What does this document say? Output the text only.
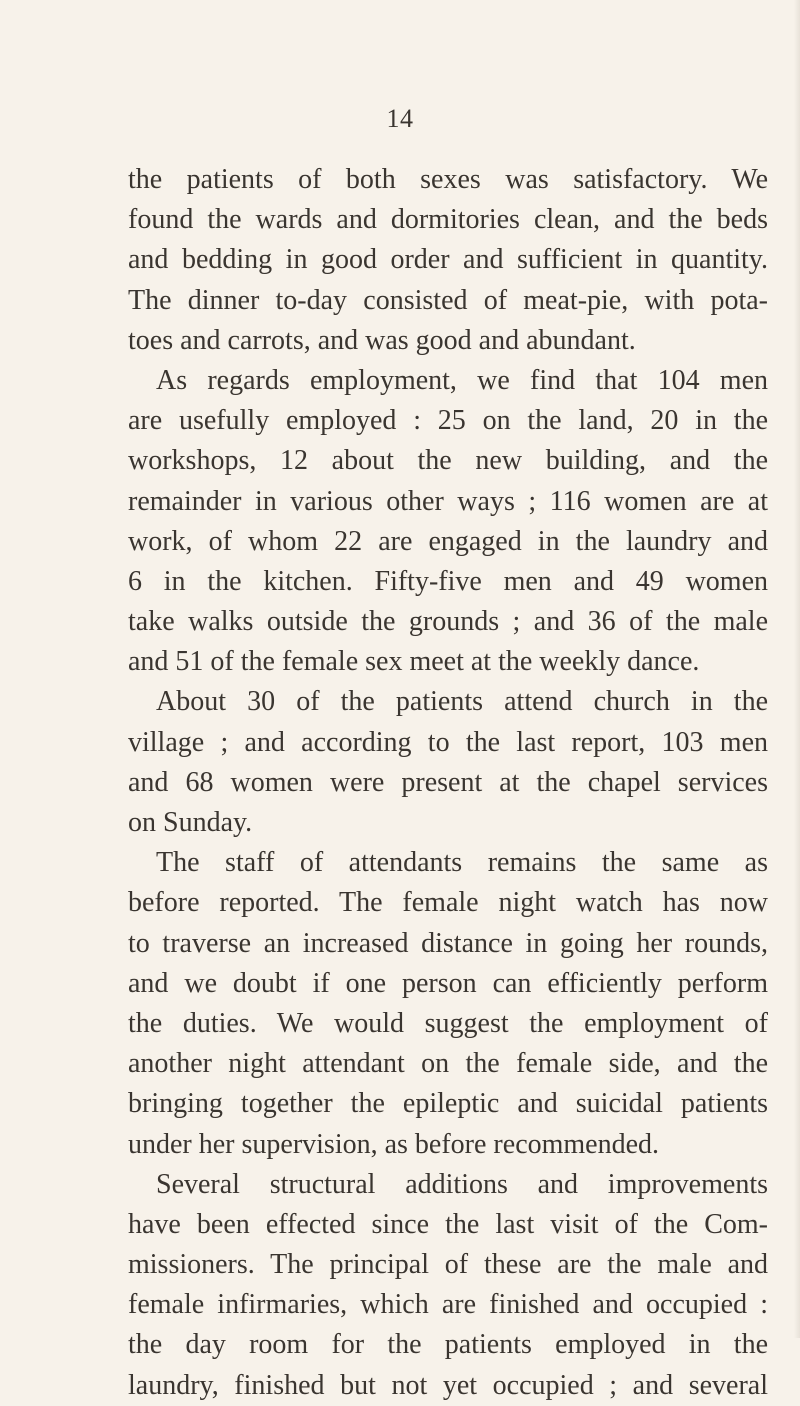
14
the patients of both sexes was satisfactory. We
found the wards and dormitories clean, and the beds
and bedding in good order and sufficient in quantity.
The dinner to-day consisted of meat-pie, with pota-
toes and carrots, and was good and abundant.
As regards employment, we find that 104 men
are usefully employed : 25 on the land, 20 in the
workshops, 12 about the new building, and the
remainder in various other ways ; 116 women are at
work, of whom 22 are engaged in the laundry and
6 in the kitchen. Fifty-five men and 49 women
take walks outside the grounds ; and 36 of the male
and 51 of the female sex meet at the weekly dance.
About 30 of the patients attend church in the
village ; and according to the last report, 103 men
and 68 women were present at the chapel services
on Sunday.
The staff of attendants remains the same as
before reported. The female night watch has now
to traverse an increased distance in going her rounds,
and we doubt if one person can efficiently perform
the duties. We would suggest the employment of
another night attendant on the female side, and the
bringing together the epileptic and suicidal patients
under her supervision, as before recommended.
Several structural additions and improvements
have been effected since the last visit of the Com-
missioners. The principal of these are the male and
female infirmaries, which are finished and occupied :
the day room for the patients employed in the
laundry, finished but not yet occupied ; and several
